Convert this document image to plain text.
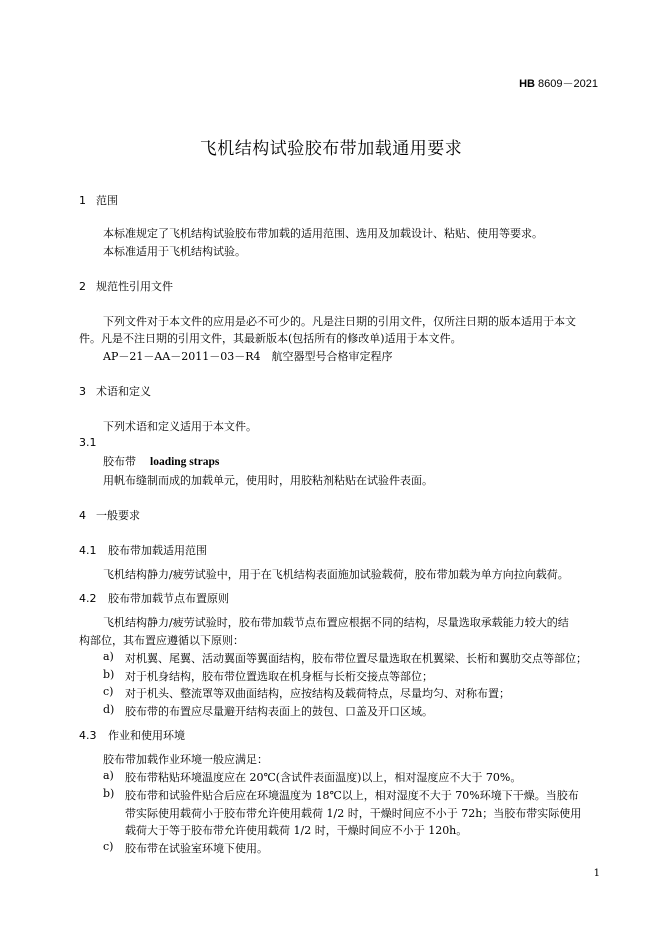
HB 8609－2021
飞机结构试验胶布带加载通用要求
1 范围
本标准规定了飞机结构试验胶布带加载的适用范围、选用及加载设计、粘贴、使用等要求。
本标准适用于飞机结构试验。
2 规范性引用文件
下列文件对于本文件的应用是必不可少的。凡是注日期的引用文件，仅所注日期的版本适用于本文
件。凡是不注日期的引用文件，其最新版本(包括所有的修改单)适用于本文件。
AP－21－AA－2011－03－R4　航空器型号合格审定程序
3 术语和定义
下列术语和定义适用于本文件。
3.1
胶布带 loading straps
用帆布缝制而成的加载单元，使用时，用胶粘剂粘贴在试验件表面。
4 一般要求
4.1 胶布带加载适用范围
飞机结构静力/疲劳试验中，用于在飞机结构表面施加试验载荷，胶布带加载为单方向拉向载荷。
4.2 胶布带加载节点布置原则
飞机结构静力/疲劳试验时，胶布带加载节点布置应根据不同的结构，尽量选取承载能力较大的结
构部位，其布置应遵循以下原则：
a) 对机翼、尾翼、活动翼面等翼面结构，胶布带位置尽量选取在机翼梁、长桁和翼肋交点等部位；
b) 对于机身结构，胶布带位置选取在机身框与长桁交接点等部位；
c) 对于机头、整流罩等双曲面结构，应按结构及载荷特点，尽量均匀、对称布置；
d) 胶布带的布置应尽量避开结构表面上的鼓包、口盖及开口区域。
4.3 作业和使用环境
胶布带加载作业环境一般应满足：
a) 胶布带粘贴环境温度应在 20℃(含试件表面温度)以上，相对湿度应不大于 70%。
b) 胶布带和试验件贴合后应在环境温度为 18℃以上，相对湿度不大于 70%环境下干燥。当胶布
带实际使用载荷小于胶布带允许使用载荷 1/2 时，干燥时间应不小于 72h；当胶布带实际使用
载荷大于等于胶布带允许使用载荷 1/2 时，干燥时间应不小于 120h。
c) 胶布带在试验室环境下使用。
1
